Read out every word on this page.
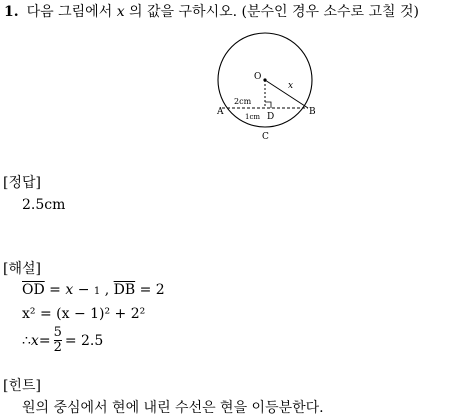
1. 다음 그림에서 x 의 값을 구하시오. (분수인 경우 소수로 고칠 것)
O
x
A	B
C
D
2cm
1cm
[정답]
2.5cm
[해설]
$\overline{OD} = x - 1$ , $\overline{DB} = 2$
x² = (x − 1)² + 2²
∴ $x = \frac{5}{2} = 2.5$
[힌트]
원의 중심에서 현에 내린 수선은 현을 이등분한다.
